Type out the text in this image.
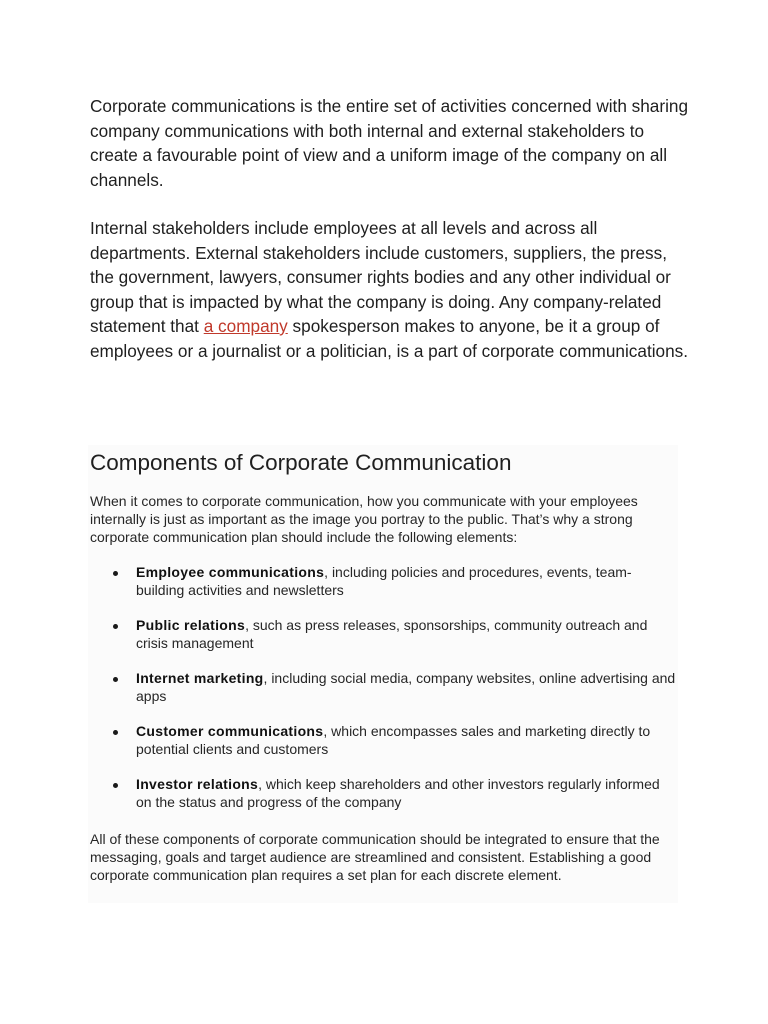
Corporate communications is the entire set of activities concerned with sharing company communications with both internal and external stakeholders to create a favourable point of view and a uniform image of the company on all channels.

Internal stakeholders include employees at all levels and across all departments. External stakeholders include customers, suppliers, the press, the government, lawyers, consumer rights bodies and any other individual or group that is impacted by what the company is doing. Any company-related statement that a company spokesperson makes to anyone, be it a group of employees or a journalist or a politician, is a part of corporate communications.

Components of Corporate Communication

When it comes to corporate communication, how you communicate with your employees internally is just as important as the image you portray to the public. That’s why a strong corporate communication plan should include the following elements:

Employee communications, including policies and procedures, events, team-building activities and newsletters
Public relations, such as press releases, sponsorships, community outreach and crisis management
Internet marketing, including social media, company websites, online advertising and apps
Customer communications, which encompasses sales and marketing directly to potential clients and customers
Investor relations, which keep shareholders and other investors regularly informed on the status and progress of the company

All of these components of corporate communication should be integrated to ensure that the messaging, goals and target audience are streamlined and consistent. Establishing a good corporate communication plan requires a set plan for each discrete element.
